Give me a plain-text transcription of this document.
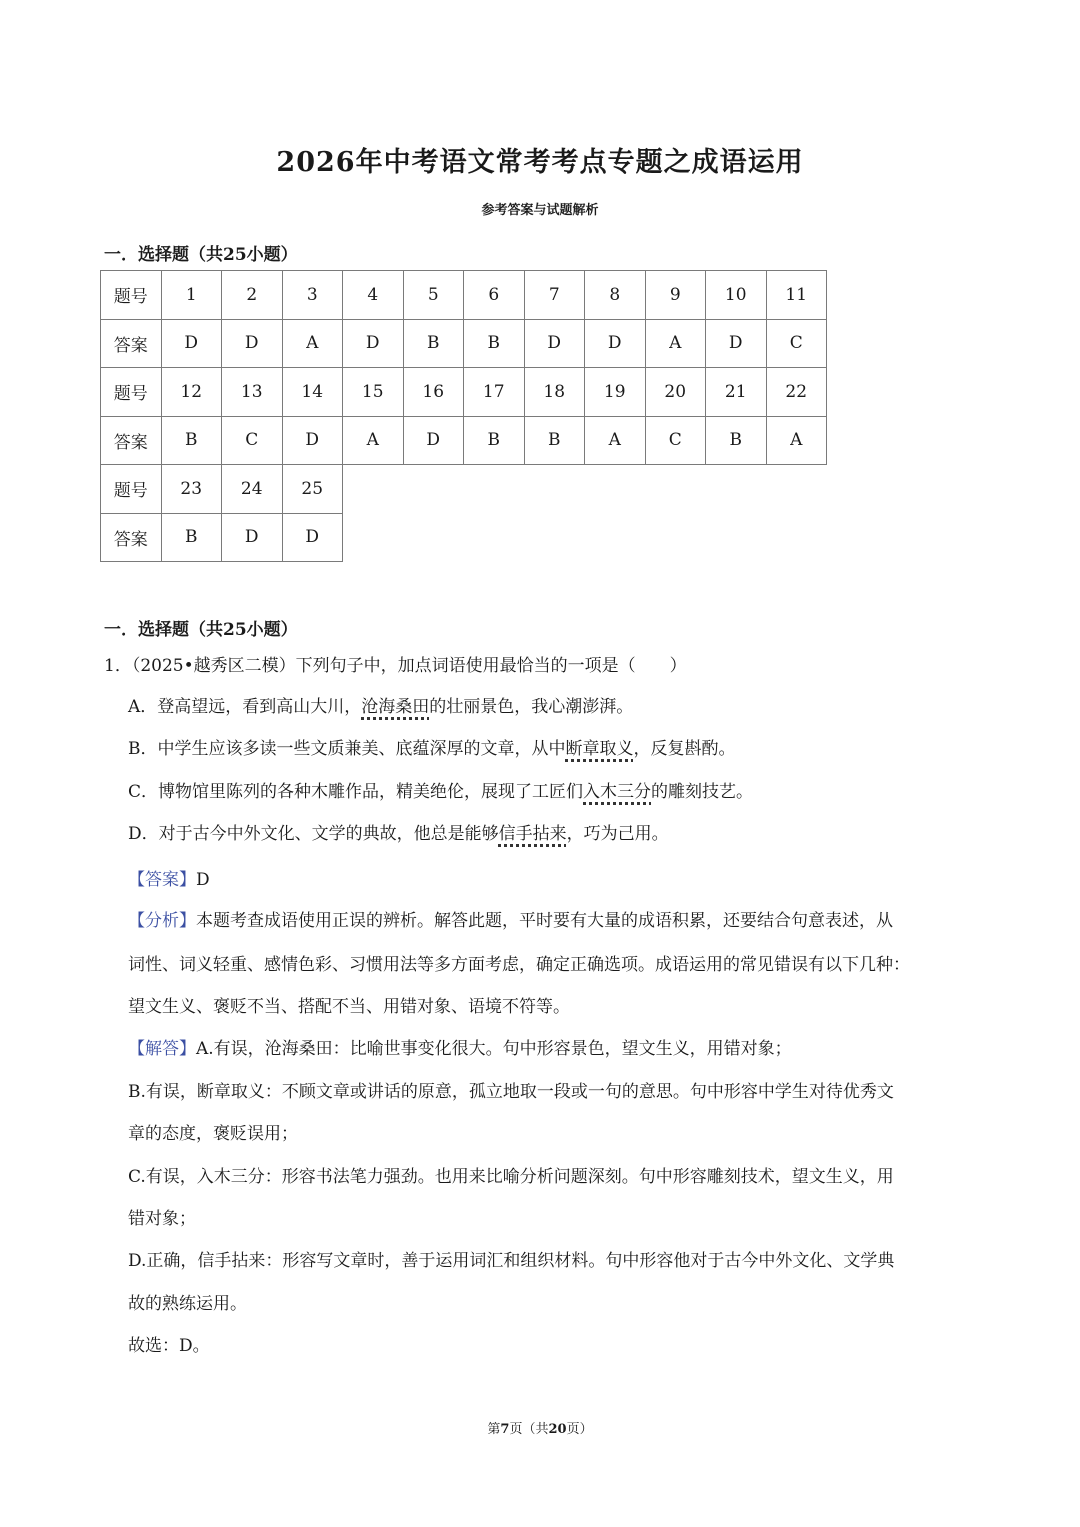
2026年中考语文常考考点专题之成语运用
参考答案与试题解析
一．选择题（共25小题）
题号	1	2	3	4	5	6	7	8	9	10	11
答案	D	D	A	D	B	B	D	D	A	D	C
题号	12	13	14	15	16	17	18	19	20	21	22
答案	B	C	D	A	D	B	B	A	C	B	A
题号	23	24	25								
答案	B	D	D								
一．选择题（共25小题）
1．（2025•越秀区二模）下列句子中，加点词语使用最恰当的一项是（　　）
A．登高望远，看到高山大川，沧海桑田的壮丽景色，我心潮澎湃。
B．中学生应该多读一些文质兼美、底蕴深厚的文章，从中断章取义，反复斟酌。
C．博物馆里陈列的各种木雕作品，精美绝伦，展现了工匠们入木三分的雕刻技艺。
D．对于古今中外文化、文学的典故，他总是能够信手拈来，巧为己用。
【答案】D
【分析】本题考查成语使用正误的辨析。解答此题，平时要有大量的成语积累，还要结合句意表述，从
词性、词义轻重、感情色彩、习惯用法等多方面考虑，确定正确选项。成语运用的常见错误有以下几种：
望文生义、褒贬不当、搭配不当、用错对象、语境不符等。
【解答】A.有误，沧海桑田：比喻世事变化很大。句中形容景色，望文生义，用错对象；
B.有误，断章取义：不顾文章或讲话的原意，孤立地取一段或一句的意思。句中形容中学生对待优秀文
章的态度，褒贬误用；
C.有误，入木三分：形容书法笔力强劲。也用来比喻分析问题深刻。句中形容雕刻技术，望文生义，用
错对象；
D.正确，信手拈来：形容写文章时，善于运用词汇和组织材料。句中形容他对于古今中外文化、文学典
故的熟练运用。
故选：D。
第7页（共20页）
